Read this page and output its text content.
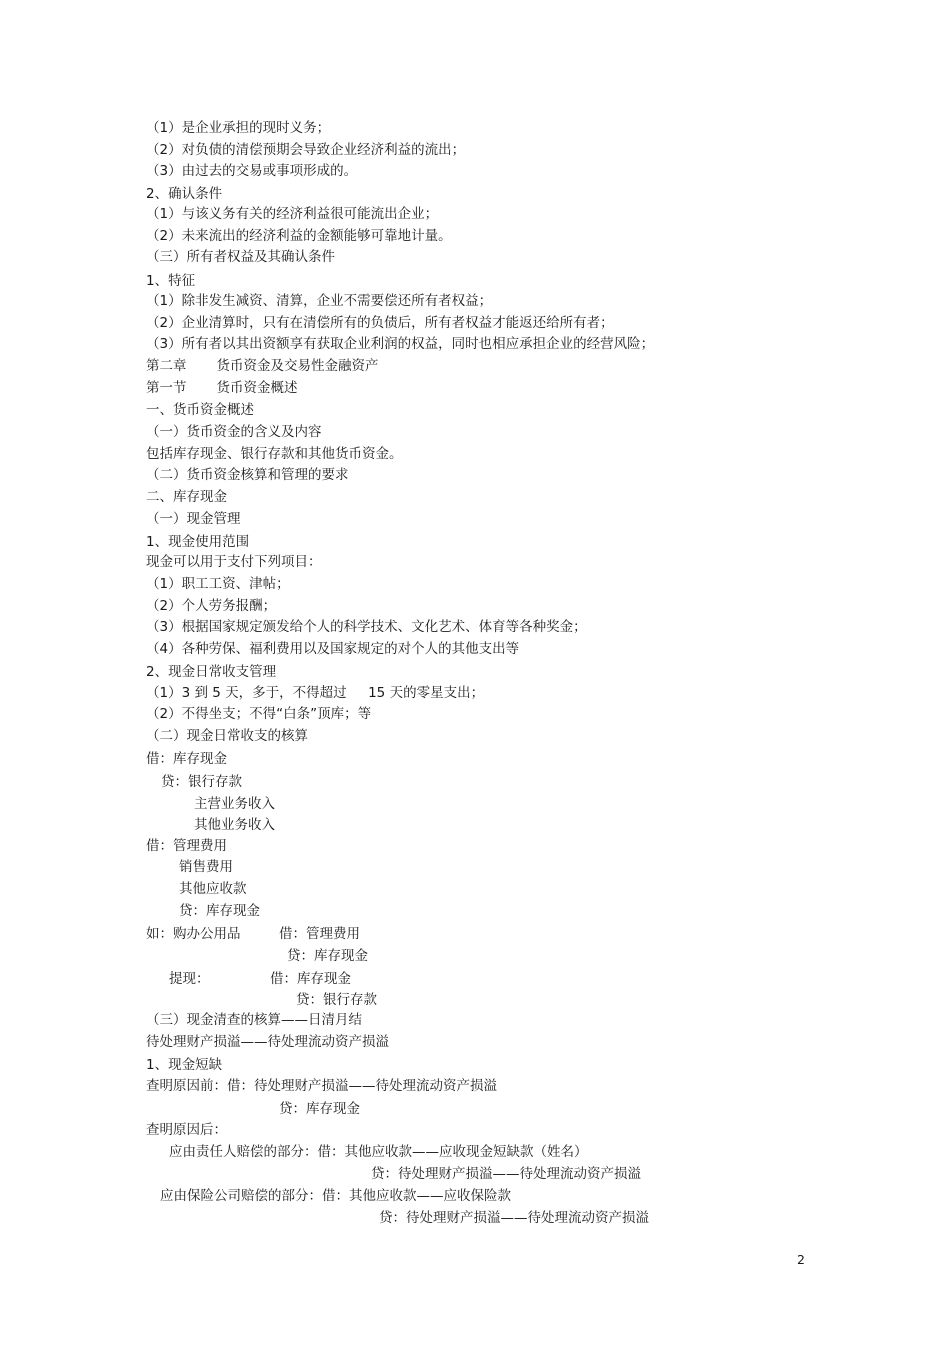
（1）是企业承担的现时义务；
（2）对负债的清偿预期会导致企业经济利益的流出；
（3）由过去的交易或事项形成的。
2、确认条件
（1）与该义务有关的经济利益很可能流出企业；
（2）未来流出的经济利益的金额能够可靠地计量。
（三）所有者权益及其确认条件
1、特征
（1）除非发生减资、清算，企业不需要偿还所有者权益；
（2）企业清算时，只有在清偿所有的负债后，所有者权益才能返还给所有者；
（3）所有者以其出资额享有获取企业利润的权益，同时也相应承担企业的经营风险；
第二章       货币资金及交易性金融资产
第一节       货币资金概述
一、货币资金概述
（一）货币资金的含义及内容
包括库存现金、银行存款和其他货币资金。
（二）货币资金核算和管理的要求
二、库存现金
（一）现金管理
1、现金使用范围
现金可以用于支付下列项目：
（1）职工工资、津帖；
（2）个人劳务报酬；
（3）根据国家规定颁发给个人的科学技术、文化艺术、体育等各种奖金；
（4）各种劳保、福利费用以及国家规定的对个人的其他支出等
2、现金日常收支管理
（1）3 到 5 天，多于，不得超过     15 天的零星支出；
（2）不得坐支；不得“白条”顶库；等
（二）现金日常收支的核算
借：库存现金
贷：银行存款
主营业务收入
其他业务收入
借：管理费用
销售费用
其他应收款
贷：库存现金
如：购办公用品	借：管理费用
贷：库存现金
提现：	借：库存现金
贷：银行存款
（三）现金清查的核算——日清月结
待处理财产损溢——待处理流动资产损溢
1、现金短缺
查明原因前：借：待处理财产损溢——待处理流动资产损溢
贷：库存现金
查明原因后：
应由责任人赔偿的部分：借：其他应收款——应收现金短缺款（姓名）
贷：待处理财产损溢——待处理流动资产损溢
应由保险公司赔偿的部分：借：其他应收款——应收保险款
贷：待处理财产损溢——待处理流动资产损溢
2
